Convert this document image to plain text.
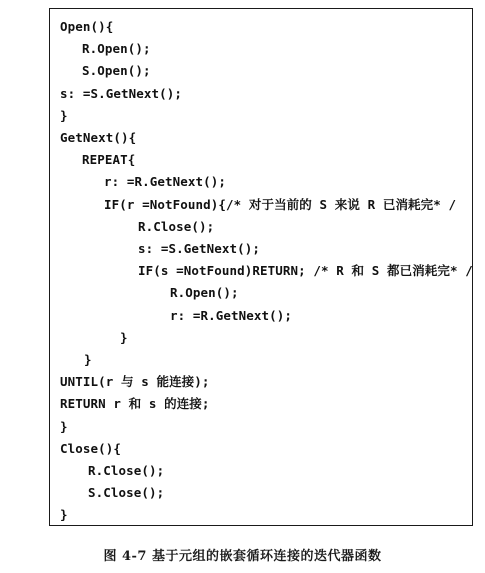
Open(){
R.Open();
S.Open();
s: =S.GetNext();
}
GetNext(){
REPEAT{
r: =R.GetNext();
IF(r =NotFound){/* 对于当前的 S 来说 R 已消耗完* /
R.Close();
s: =S.GetNext();
IF(s =NotFound)RETURN; /* R 和 S 都已消耗完* /
R.Open();
r: =R.GetNext();
}
}
UNTIL(r 与 s 能连接);
RETURN r 和 s 的连接;
}
Close(){
R.Close();
S.Close();
}
图 4-7 基于元组的嵌套循环连接的迭代器函数
